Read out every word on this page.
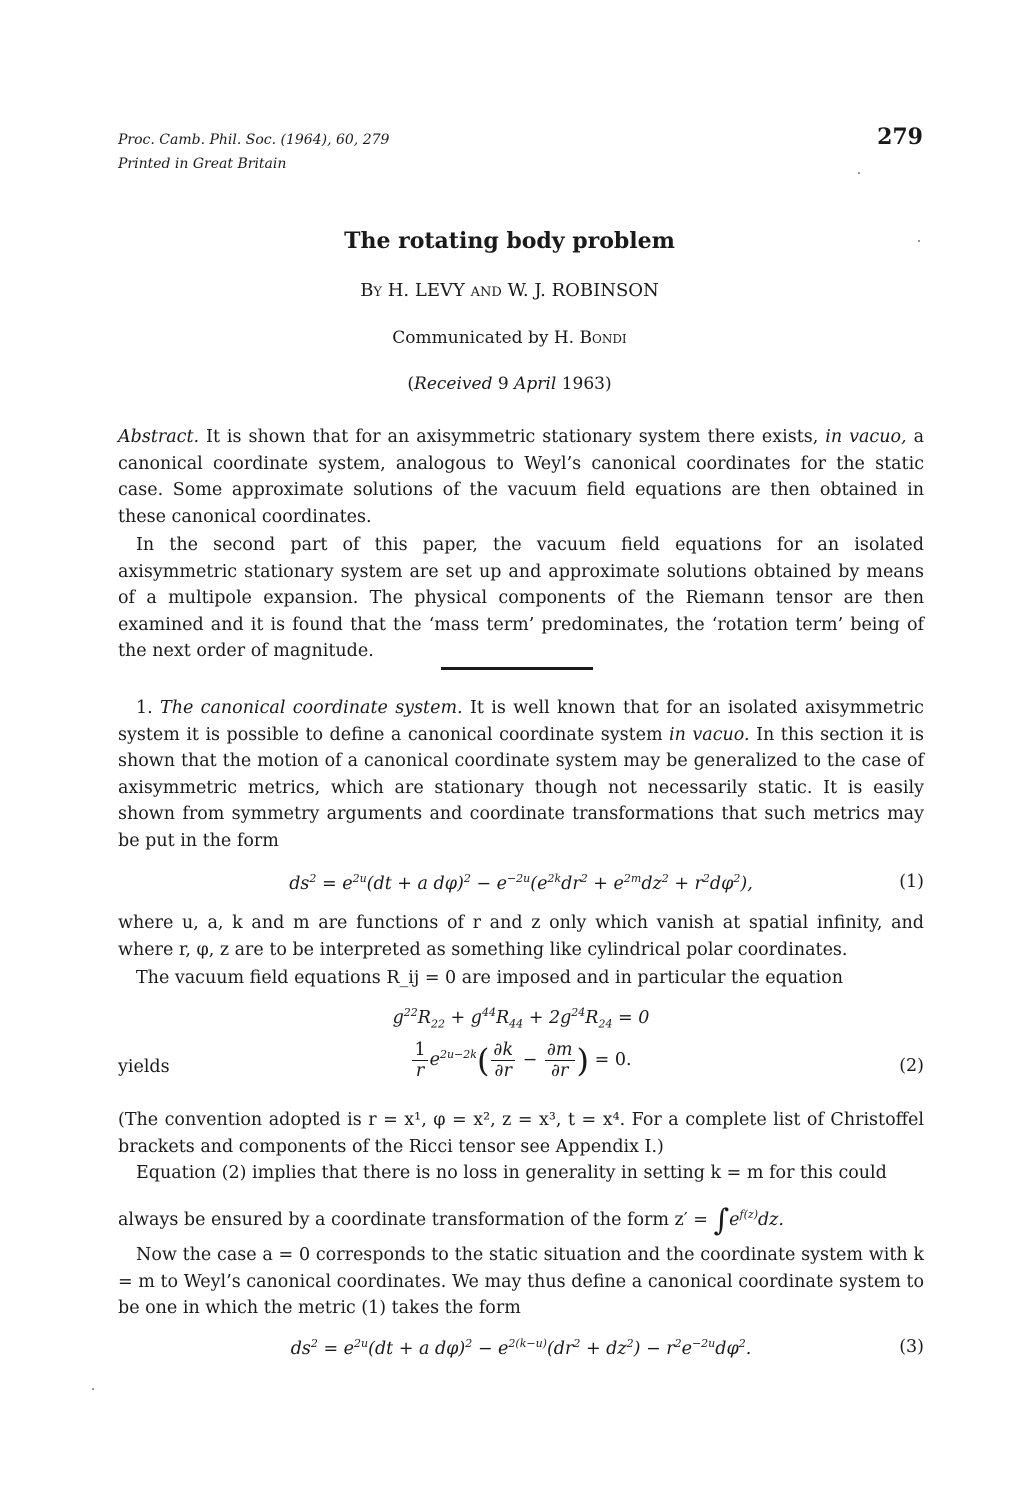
Proc. Camb. Phil. Soc. (1964), 60, 279
Printed in Great Britain
279
The rotating body problem
By H. LEVY and W. J. ROBINSON
Communicated by H. Bondi
(Received 9 April 1963)
Abstract. It is shown that for an axisymmetric stationary system there exists, in vacuo, a canonical coordinate system, analogous to Weyl’s canonical coordinates for the static case. Some approximate solutions of the vacuum field equations are then obtained in these canonical coordinates.
In the second part of this paper, the vacuum field equations for an isolated axisymmetric stationary system are set up and approximate solutions obtained by means of a multipole expansion. The physical components of the Riemann tensor are then examined and it is found that the ‘mass term’ predominates, the ‘rotation term’ being of the next order of magnitude.
1. The canonical coordinate system. It is well known that for an isolated axisymmetric system it is possible to define a canonical coordinate system in vacuo. In this section it is shown that the motion of a canonical coordinate system may be generalized to the case of axisymmetric metrics, which are stationary though not necessarily static. It is easily shown from symmetry arguments and coordinate transformations that such metrics may be put in the form
$ds^2 = e^{2u}(dt + a$ $d\varphi)^2 - e^{-2u}(e^{2k}dr^2 + e^{2m}dz^2 + r^2d\varphi^2)$,	(1)
where u, a, k and m are functions of r and z only which vanish at spatial infinity, and where r, φ, z are to be interpreted as something like cylindrical polar coordinates.
The vacuum field equations R_ij = 0 are imposed and in particular the equation
$g^{22}R_{22} + g^{44}R_{44} + 2g^{24}R_{24} = 0$
yields	$\frac{1}{r} e^{2u-2k}( \frac{\partial k}{\partial r} - \frac{\partial m}{\partial r}$ ) = 0.	(2)
(The convention adopted is r = x¹, φ = x², z = x³, t = x⁴. For a complete list of Christoffel brackets and components of the Ricci tensor see Appendix I.)
Equation (2) implies that there is no loss in generality in setting k = m for this could
always be ensured by a coordinate transformation of the form $z' = \int e^{f(z)}dz$.
Now the case a = 0 corresponds to the static situation and the coordinate system with k = m to Weyl’s canonical coordinates. We may thus define a canonical coordinate system to be one in which the metric (1) takes the form
$ds^2 = e^{2u}(dt + a$ $d\varphi)^2 - e^{2(k-u)}(dr^2 + dz^2) - r^2e^{-2u}d\varphi^2$.	(3)
